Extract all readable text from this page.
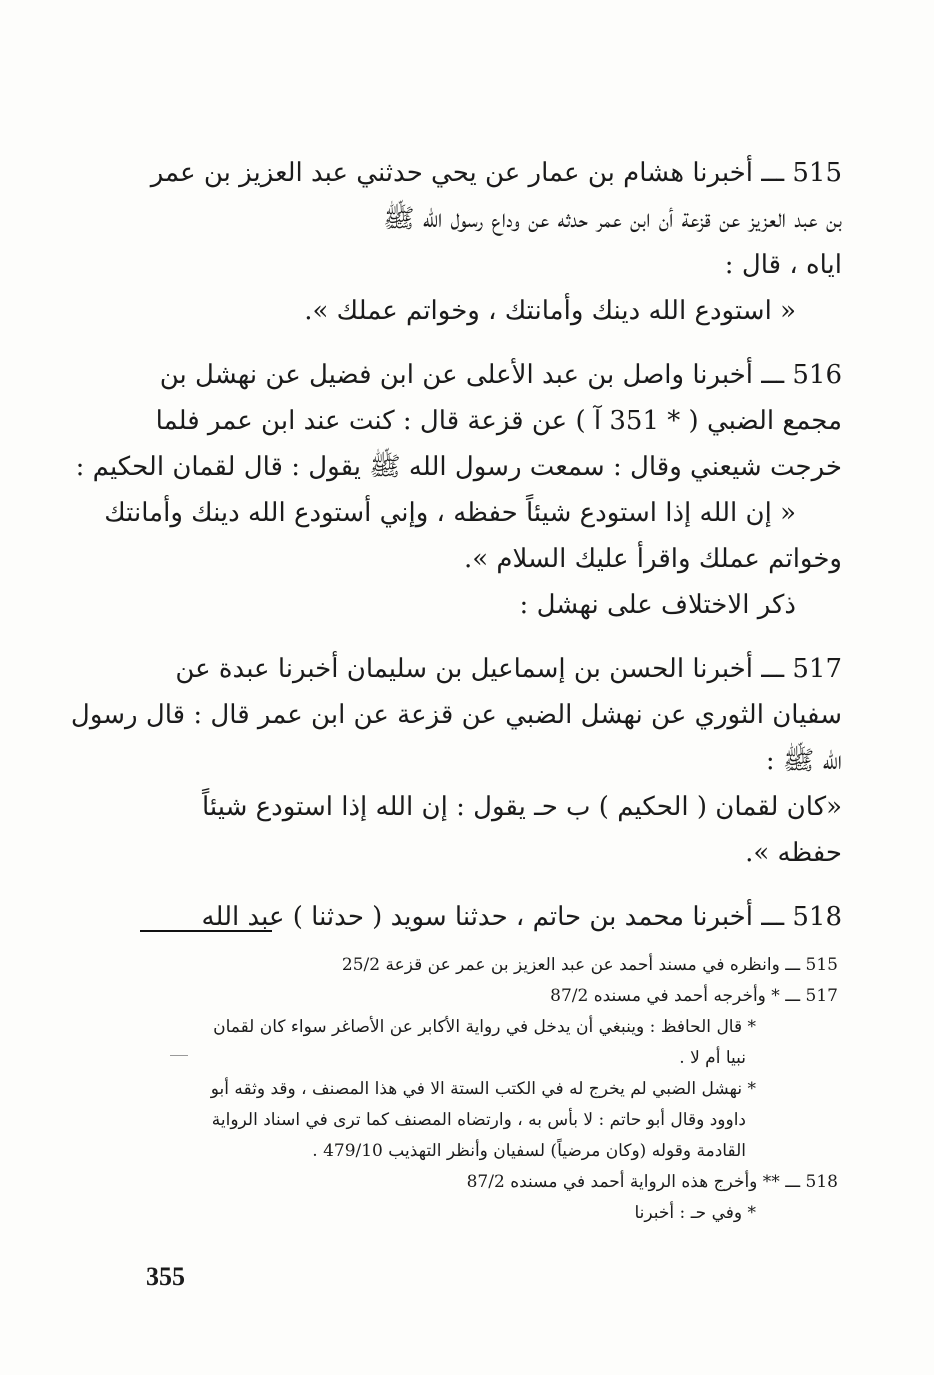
515 ـــ أخبرنا هشام بن عمار عن يحي حدثني عبد العزيز بن عمر
بن عبد العزيز عن قزعة أن ابن عمر حدثه عن وداع رسول الله ﷺ
اياه ، قال :
« استودع الله دينك وأمانتك ، وخواتم عملك ».
516 ـــ أخبرنا واصل بن عبد الأعلى عن ابن فضيل عن نهشل بن
مجمع الضبي ( * 351 آ ) عن قزعة قال : كنت عند ابن عمر فلما
خرجت شيعني وقال : سمعت رسول الله ﷺ يقول : قال لقمان الحكيم :
« إن الله إذا استودع شيئاً حفظه ، وإني أستودع الله دينك وأمانتك
وخواتم عملك واقرأ عليك السلام ».
ذكر الاختلاف على نهشل :
517 ـــ أخبرنا الحسن بن إسماعيل بن سليمان أخبرنا عبدة عن
سفيان الثوري عن نهشل الضبي عن قزعة عن ابن عمر قال : قال رسول
الله ﷺ :
«كان لقمان ( الحكيم ) ب حـ يقول : إن الله إذا استودع شيئاً
حفظه ».
518 ـــ أخبرنا محمد بن حاتم ، حدثنا سويد ( حدثنا ) عبد الله
515 ـــ وانظره في مسند أحمد عن عبد العزيز بن عمر عن قزعة 25/2
517 ـــ * وأخرجه أحمد في مسنده 87/2
* قال الحافظ : وينبغي أن يدخل في رواية الأكابر عن الأصاغر سواء كان لقمان
نبيا أم لا .
* نهشل الضبي لم يخرج له في الكتب الستة الا في هذا المصنف ، وقد وثقه أبو
داوود وقال أبو حاتم : لا بأس به ، وارتضاه المصنف كما ترى في اسناد الرواية
القادمة وقوله (وكان مرضياً) لسفيان وأنظر التهذيب 479/10 .
518 ـــ ** وأخرج هذه الرواية أحمد في مسنده 87/2
* وفي حـ : أخبرنا
355
